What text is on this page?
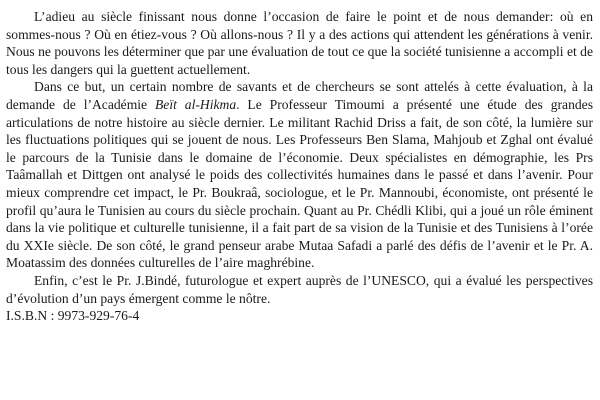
L’adieu au siècle finissant nous donne l’occasion de faire le point et de nous demander: où en sommes-nous ? Où en étiez-vous ? Où allons-nous ? Il y a des actions qui attendent les générations à venir. Nous ne pouvons les déterminer que par une évaluation de tout ce que la société tunisienne a accompli et de tous les dangers qui la guettent actuellement.

Dans ce but, un certain nombre de savants et de chercheurs se sont attelés à cette évaluation, à la demande de l’Académie Beït al-Hikma. Le Professeur Timoumi a présenté une étude des grandes articulations de notre histoire au siècle dernier. Le militant Rachid Driss a fait, de son côté, la lumière sur les fluctuations politiques qui se jouent de nous. Les Professeurs Ben Slama, Mahjoub et Zghal ont évalué le parcours de la Tunisie dans le domaine de l’économie. Deux spécialistes en démographie, les Prs Taâmallah et Dittgen ont analysé le poids des collectivités humaines dans le passé et dans l’avenir. Pour mieux comprendre cet impact, le Pr. Boukraâ, sociologue, et le Pr. Mannoubi, économiste, ont présenté le profil qu’aura le Tunisien au cours du siècle prochain. Quant au Pr. Chédli Klibi, qui a joué un rôle éminent dans la vie politique et culturelle tunisienne, il a fait part de sa vision de la Tunisie et des Tunisiens à l’orée du XXIe siècle. De son côté, le grand penseur arabe Mutaa Safadi a parlé des défis de l’avenir et le Pr. A. Moatassim des données culturelles de l’aire maghrébine.

Enfin, c’est le Pr. J.Bindé, futurologue et expert auprès de l’UNESCO, qui a évalué les perspectives d’évolution d’un pays émergent comme le nôtre.

I.S.B.N : 9973-929-76-4
